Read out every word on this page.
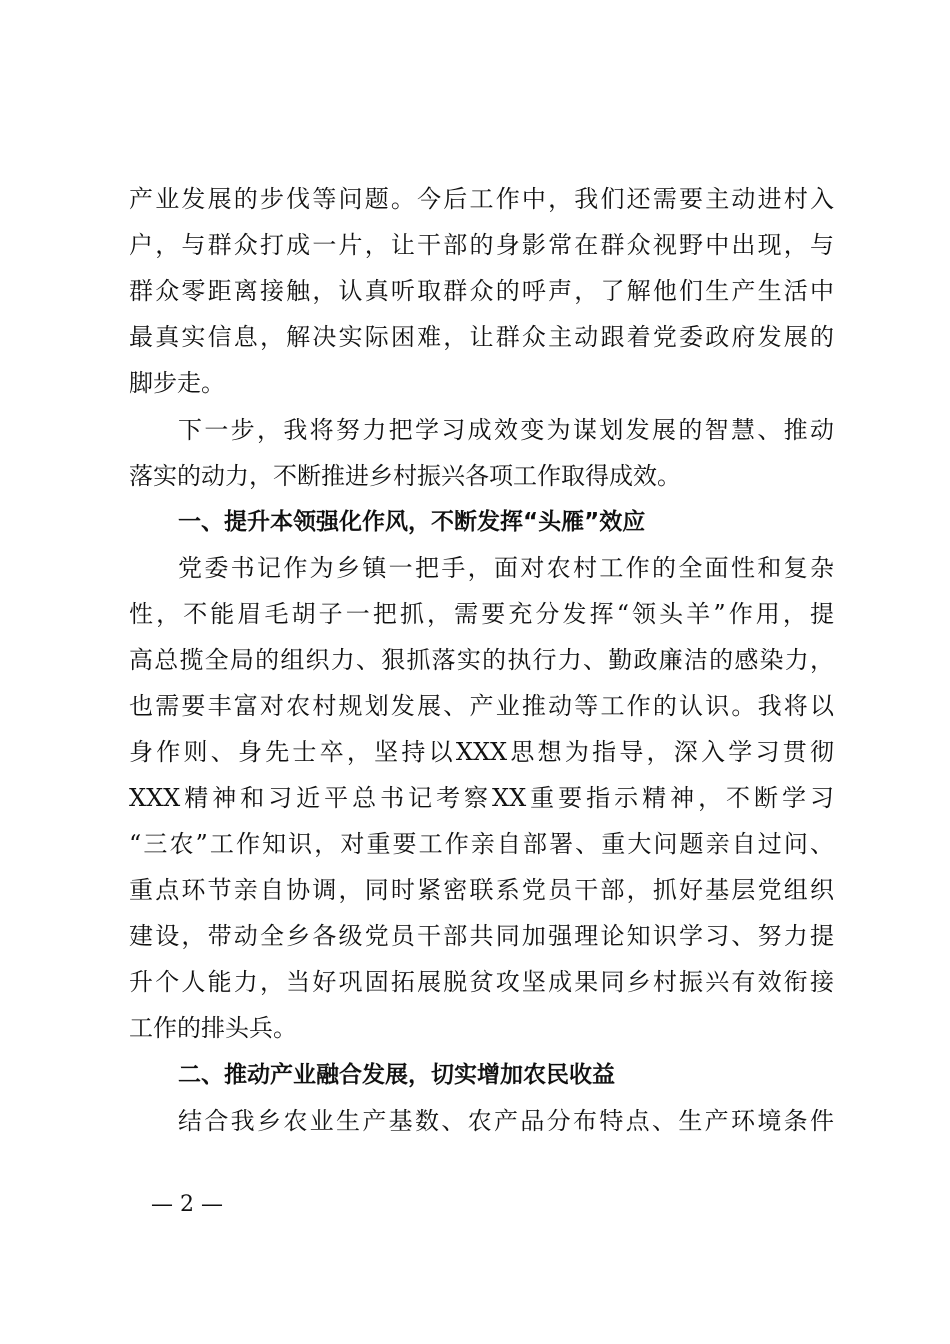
产业发展的步伐等问题。今后工作中，我们还需要主动进村入
户，与群众打成一片，让干部的身影常在群众视野中出现，与
群众零距离接触，认真听取群众的呼声，了解他们生产生活中
最真实信息，解决实际困难，让群众主动跟着党委政府发展的
脚步走。
下一步，我将努力把学习成效变为谋划发展的智慧、推动
落实的动力，不断推进乡村振兴各项工作取得成效。
一、提升本领强化作风，不断发挥“头雁”效应
党委书记作为乡镇一把手，面对农村工作的全面性和复杂
性，不能眉毛胡子一把抓，需要充分发挥“领头羊”作用，提
高总揽全局的组织力、狠抓落实的执行力、勤政廉洁的感染力，
也需要丰富对农村规划发展、产业推动等工作的认识。我将以
身作则、身先士卒，坚持以XXX思想为指导，深入学习贯彻
XXX精神和习近平总书记考察XX重要指示精神，不断学习
“三农”工作知识，对重要工作亲自部署、重大问题亲自过问、
重点环节亲自协调，同时紧密联系党员干部，抓好基层党组织
建设，带动全乡各级党员干部共同加强理论知识学习、努力提
升个人能力，当好巩固拓展脱贫攻坚成果同乡村振兴有效衔接
工作的排头兵。
二、推动产业融合发展，切实增加农民收益
结合我乡农业生产基数、农产品分布特点、生产环境条件
— 2 —
